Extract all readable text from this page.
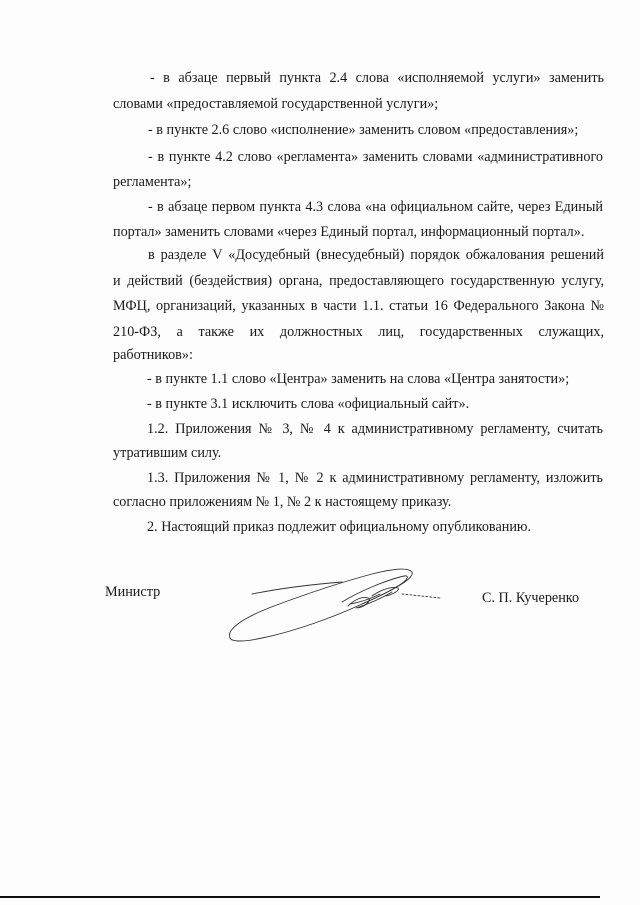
- в абзаце первый пункта 2.4 слова «исполняемой услуги» заменить
словами «предоставляемой государственной услуги»;
- в пункте 2.6 слово «исполнение» заменить словом «предоставления»;
- в пункте 4.2 слово «регламента» заменить словами «административного
регламента»;
- в абзаце первом пункта 4.3 слова «на официальном сайте, через Единый
портал» заменить словами «через Единый портал, информационный портал».
в разделе V «Досудебный (внесудебный) порядок обжалования решений
и действий (бездействия) органа, предоставляющего государственную услугу,
МФЦ, организаций, указанных в части 1.1. статьи 16 Федерального Закона №
210-ФЗ, а также их должностных лиц, государственных служащих,
работников»:
- в пункте 1.1 слово «Центра» заменить на слова «Центра занятости»;
- в пункте 3.1 исключить слова «официальный сайт».
1.2. Приложения № 3, № 4 к административному регламенту, считать
утратившим силу.
1.3. Приложения № 1, № 2 к административному регламенту, изложить
согласно приложениям № 1, № 2 к настоящему приказу.
2. Настоящий приказ подлежит официальному опубликованию.
Министр	С. П. Кучеренко
